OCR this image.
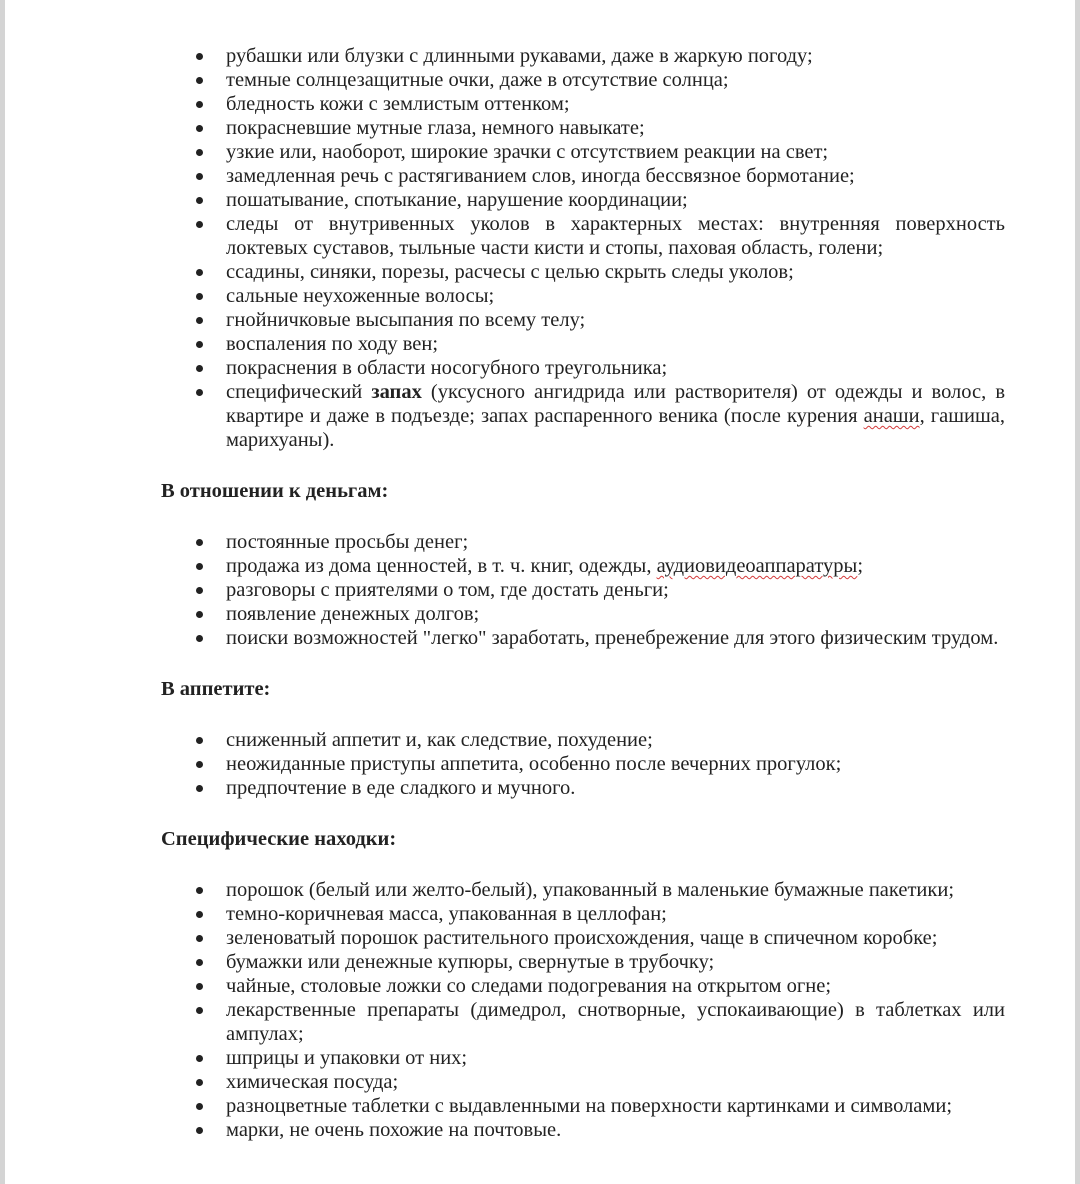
рубашки или блузки с длинными рукавами, даже в жаркую погоду;
темные солнцезащитные очки, даже в отсутствие солнца;
бледность кожи с землистым оттенком;
покрасневшие мутные глаза, немного навыкате;
узкие или, наоборот, широкие зрачки с отсутствием реакции на свет;
замедленная речь с растягиванием слов, иногда бессвязное бормотание;
пошатывание, спотыкание, нарушение координации;
следы от внутривенных уколов в характерных местах: внутренняя поверхность локтевых суставов, тыльные части кисти и стопы, паховая область, голени;
ссадины, синяки, порезы, расчесы с целью скрыть следы уколов;
сальные неухоженные волосы;
гнойничковые высыпания по всему телу;
воспаления по ходу вен;
покраснения в области носогубного треугольника;
специфический запах (уксусного ангидрида или растворителя) от одежды и волос, в квартире и даже в подъезде; запах распаренного веника (после курения анаши, гашиша, марихуаны).
В отношении к деньгам:
постоянные просьбы денег;
продажа из дома ценностей, в т. ч. книг, одежды, аудиовидеоаппаратуры;
разговоры с приятелями о том, где достать деньги;
появление денежных долгов;
поиски возможностей "легко" заработать, пренебрежение для этого физическим трудом.
В аппетите:
сниженный аппетит и, как следствие, похудение;
неожиданные приступы аппетита, особенно после вечерних прогулок;
предпочтение в еде сладкого и мучного.
Специфические находки:
порошок (белый или желто-белый), упакованный в маленькие бумажные пакетики;
темно-коричневая масса, упакованная в целлофан;
зеленоватый порошок растительного происхождения, чаще в спичечном коробке;
бумажки или денежные купюры, свернутые в трубочку;
чайные, столовые ложки со следами подогревания на открытом огне;
лекарственные препараты (димедрол, снотворные, успокаивающие) в таблетках или ампулах;
шприцы и упаковки от них;
химическая посуда;
разноцветные таблетки с выдавленными на поверхности картинками и символами;
марки, не очень похожие на почтовые.
